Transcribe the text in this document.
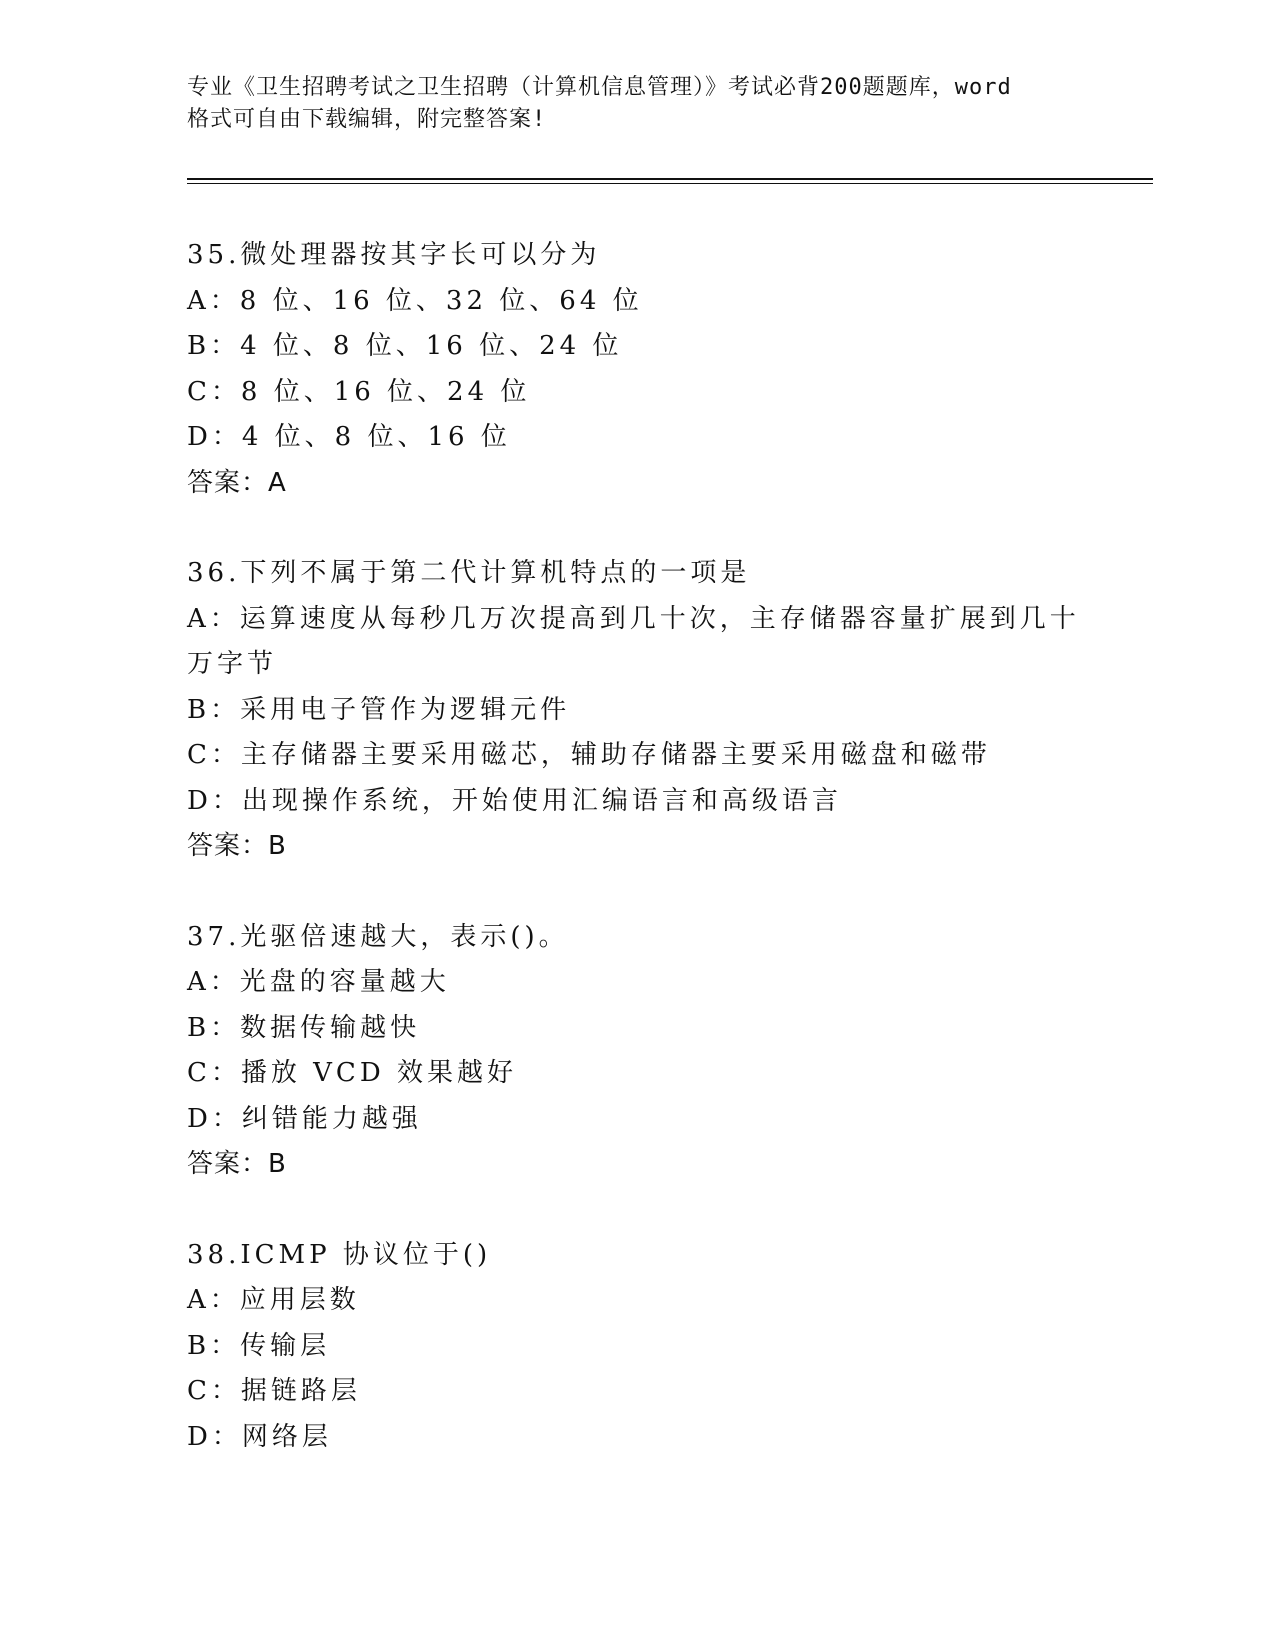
专业《卫生招聘考试之卫生招聘（计算机信息管理）》考试必背200题题库，word
格式可自由下载编辑，附完整答案!
35.微处理器按其字长可以分为
A：8 位、16 位、32 位、64 位
B：4 位、8 位、16 位、24 位
C：8 位、16 位、24 位
D：4 位、8 位、16 位
答案：A
36.下列不属于第二代计算机特点的一项是
A：运算速度从每秒几万次提高到几十次，主存储器容量扩展到几十万字节
B：采用电子管作为逻辑元件
C：主存储器主要采用磁芯，辅助存储器主要采用磁盘和磁带
D：出现操作系统，开始使用汇编语言和高级语言
答案：B
37.光驱倍速越大，表示()。
A：光盘的容量越大
B：数据传输越快
C：播放 VCD 效果越好
D：纠错能力越强
答案：B
38.ICMP 协议位于()
A：应用层数
B：传输层
C：据链路层
D：网络层
